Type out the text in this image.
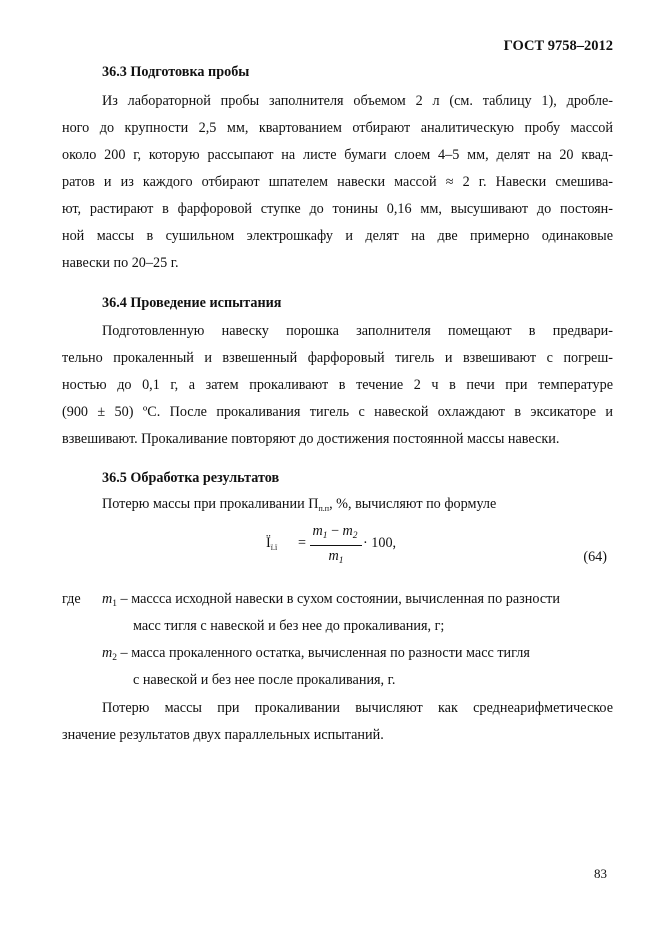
ГОСТ 9758–2012
36.3 Подготовка пробы
Из лабораторной пробы заполнителя объемом 2 л (см. таблицу 1), дробле-
ного до крупности 2,5 мм, квартованием отбирают аналитическую пробу массой
около 200 г, которую рассыпают на листе бумаги слоем 4–5 мм, делят на 20 квад-
ратов и из каждого отбирают шпателем навески массой ≈ 2 г. Навески смешива-
ют, растирают в фарфоровой ступке до тонины 0,16 мм, высушивают до постоян-
ной массы в сушильном электрошкафу и делят на две примерно одинаковые
навески по 20–25 г.
36.4 Проведение испытания
Подготовленную навеску порошка заполнителя помещают в предвари-
тельно прокаленный и взвешенный фарфоровый тигель и взвешивают с погреш-
ностью до 0,1 г, а затем прокаливают в течение 2 ч в печи при температуре
(900 ± 50) ºС. После прокаливания тигель с навеской охлаждают в эксикаторе и
взвешивают. Прокаливание повторяют до достижения постоянной массы навески.
36.5 Обработка результатов
Потерю массы при прокаливании $П_{п.п}$, %, вычисляют по формуле
$Ï_{ï.ï}$ =
$m_1 - m_2$
$m_1$
· 100,
(64)
где $m_1$ – массса исходной навески в сухом состоянии, вычисленная по разности
масс тигля с навеской и без нее до прокаливания, г;
$m_2$ – масса прокаленного остатка, вычисленная по разности масс тигля
с навеской и без нее после прокаливания, г.
Потерю массы при прокаливании вычисляют как среднеарифметическое
значение результатов двух параллельных испытаний.
83
